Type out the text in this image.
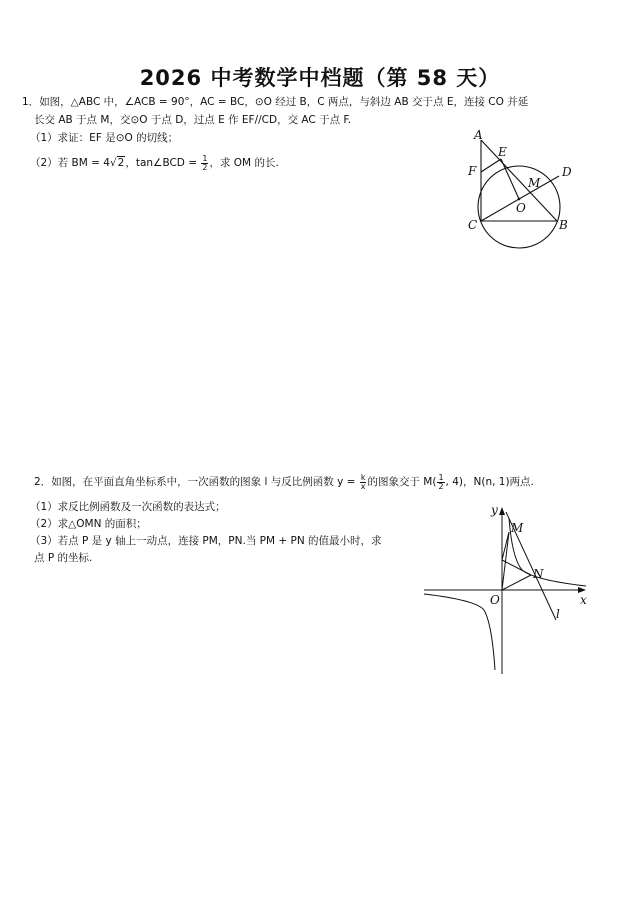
2026 中考数学中档题（第 58 天）
1．如图，△ABC 中，∠ACB = 90°，AC = BC，⊙O 经过 B，C 两点，与斜边 AB 交于点 E，连接 CO 并延
长交 AB 于点 M，交⊙O 于点 D，过点 E 作 EF//CD，交 AC 于点 F.
（1）求证：EF 是⊙O 的切线；
（2）若 BM = 4√2，tan∠BCD = $\frac{1}{2}$ ，求 OM 的长.
A
E
F
M
D
O
C	B
2．如图，在平面直角坐标系中，一次函数的图象 l 与反比例函数 $y = \frac{k}{x}$ 的图象交于 $M( \frac{1}{2}$ , 4)，N(n, 1)两点.
（1）求反比例函数及一次函数的表达式；
（2）求△OMN 的面积；
（3）若点 P 是 y 轴上一动点，连接 PM，PN.当 PM + PN 的值最小时，求
点 P 的坐标.
y
x
M
N
O
l
